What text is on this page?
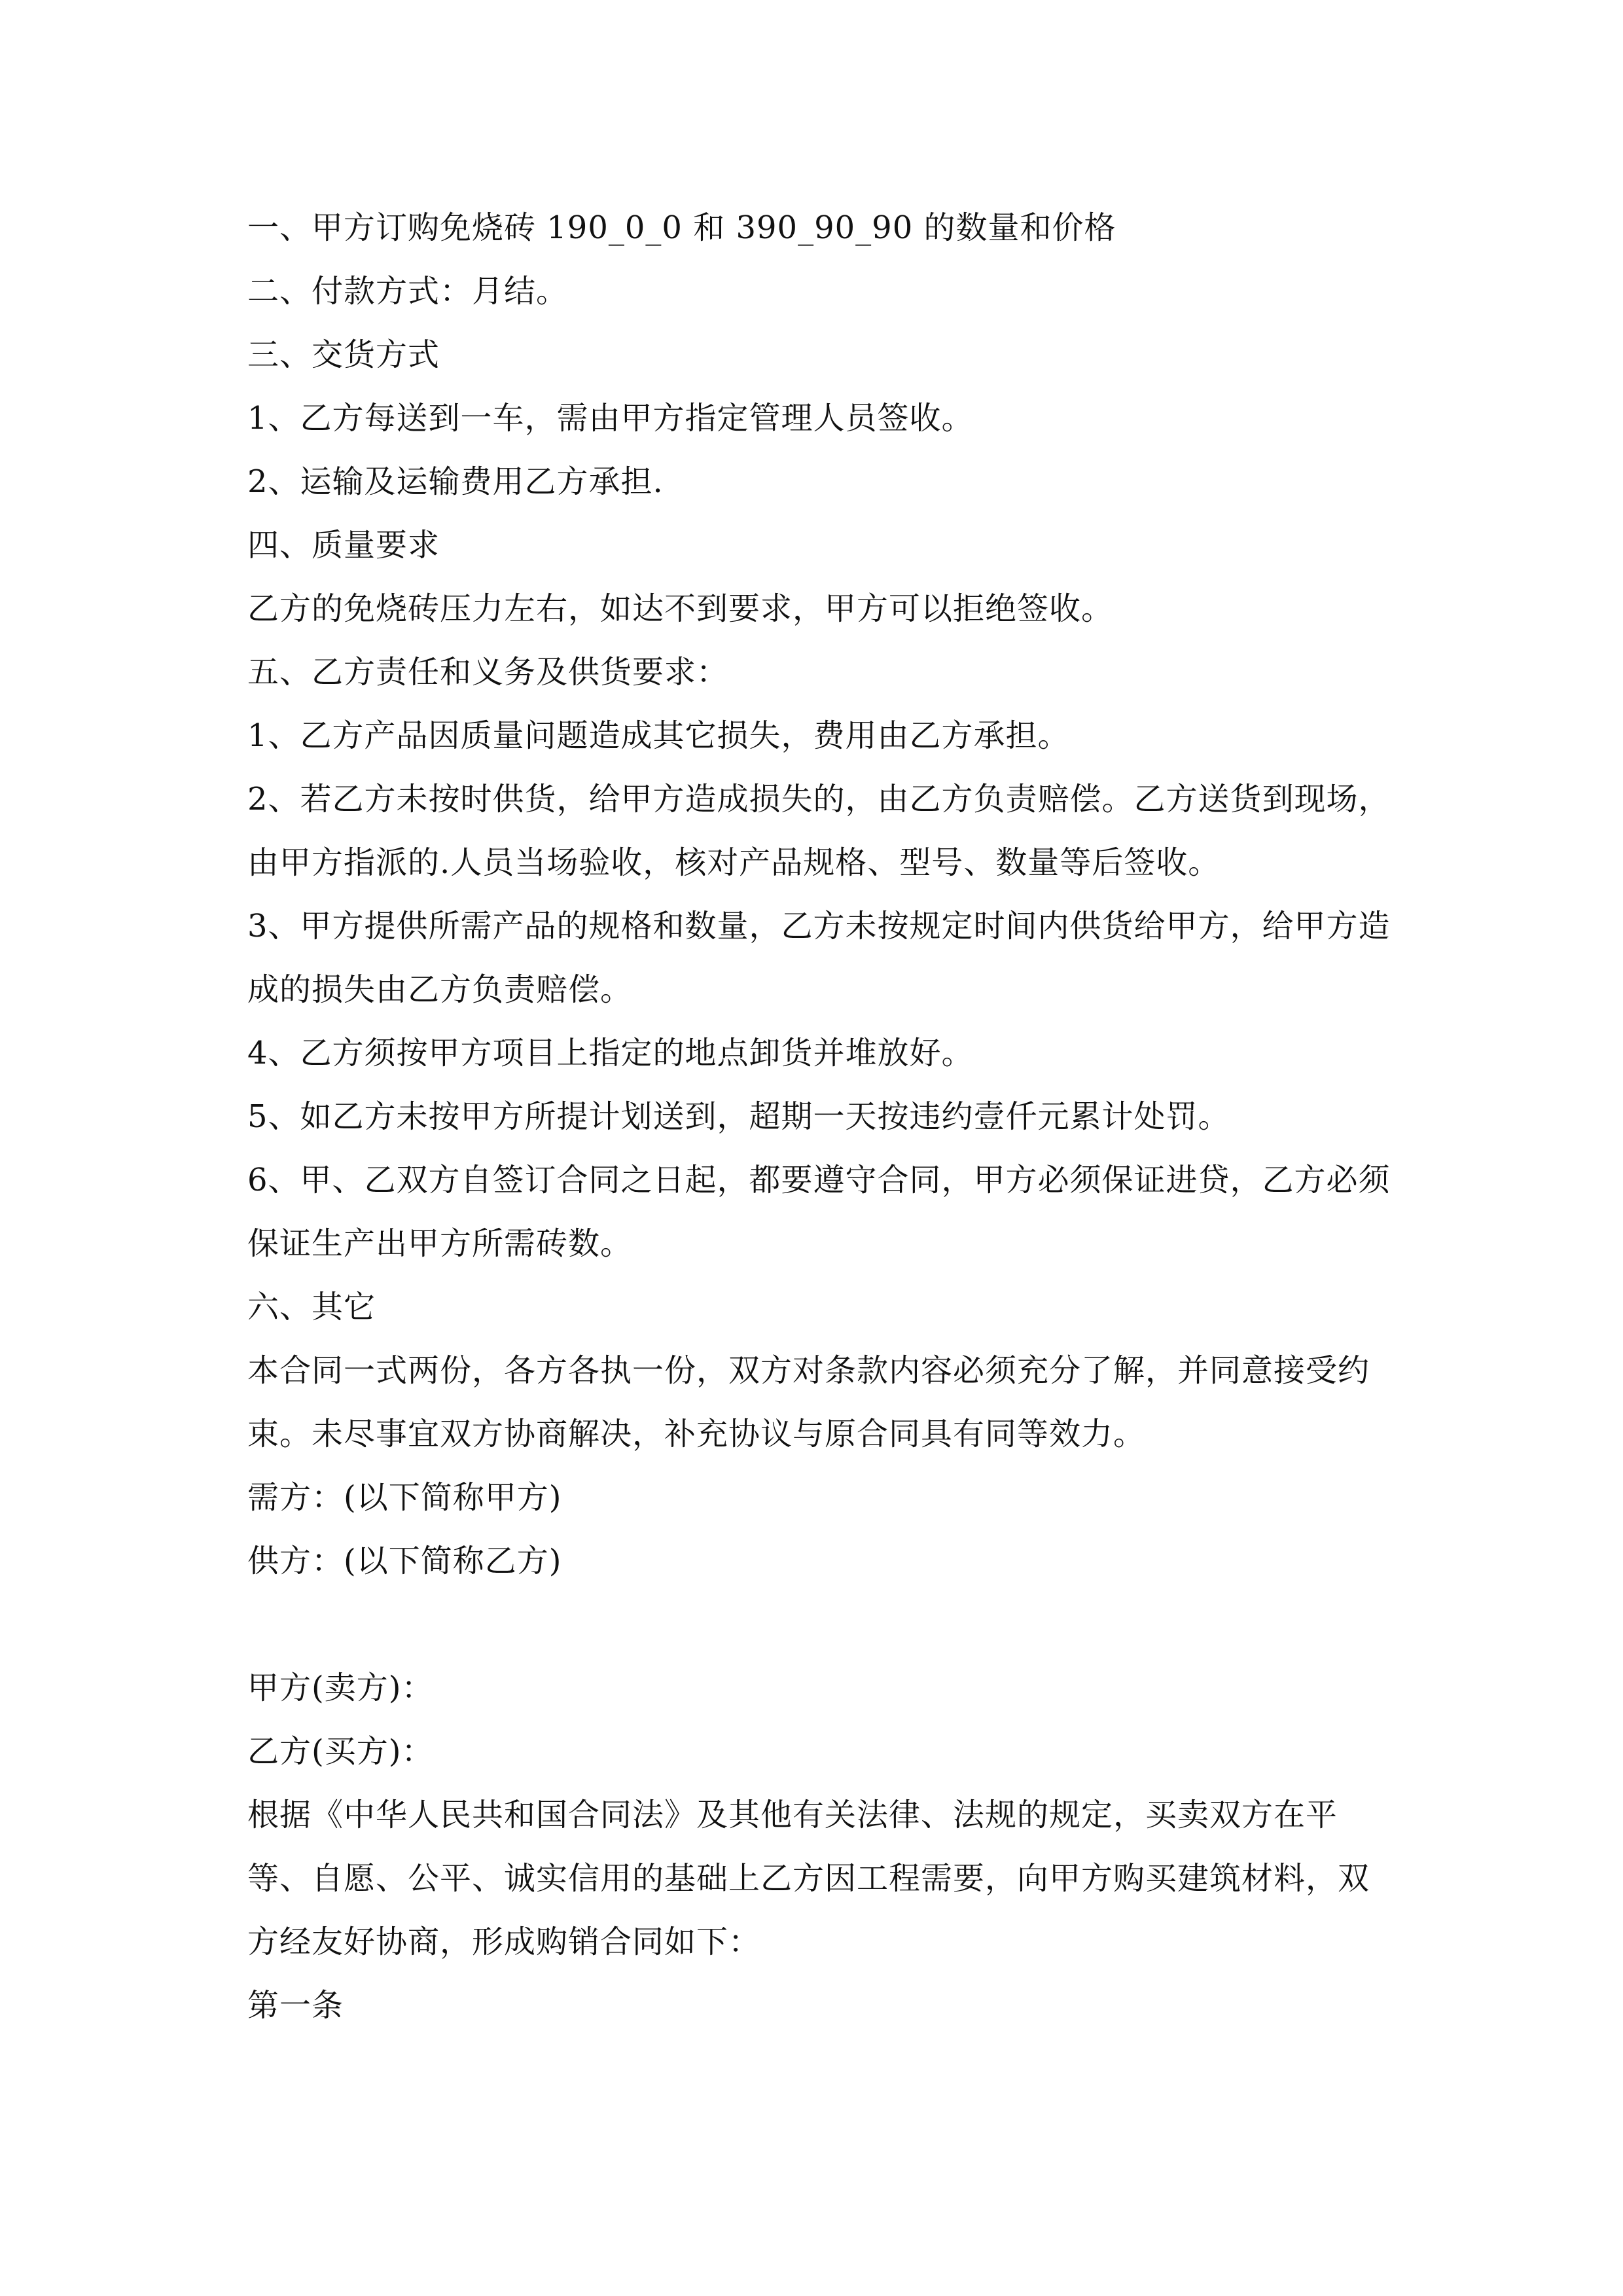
一、甲方订购免烧砖 190_0_0 和 390_90_90 的数量和价格

二、付款方式：月结。

三、交货方式

1、乙方每送到一车，需由甲方指定管理人员签收。

2、运输及运输费用乙方承担.

四、质量要求

乙方的免烧砖压力左右，如达不到要求，甲方可以拒绝签收。

五、乙方责任和义务及供货要求：

1、乙方产品因质量问题造成其它损失，费用由乙方承担。

2、若乙方未按时供货，给甲方造成损失的，由乙方负责赔偿。乙方送货到现场，由甲方指派的.人员当场验收，核对产品规格、型号、数量等后签收。

3、甲方提供所需产品的规格和数量，乙方未按规定时间内供货给甲方，给甲方造成的损失由乙方负责赔偿。

4、乙方须按甲方项目上指定的地点卸货并堆放好。

5、如乙方未按甲方所提计划送到，超期一天按违约壹仟元累计处罚。

6、甲、乙双方自签订合同之日起，都要遵守合同，甲方必须保证进贷，乙方必须保证生产出甲方所需砖数。

六、其它

本合同一式两份，各方各执一份，双方对条款内容必须充分了解，并同意接受约束。未尽事宜双方协商解决，补充协议与原合同具有同等效力。

需方：(以下简称甲方)

供方：(以下简称乙方)

甲方(卖方)：

乙方(买方)：

根据《中华人民共和国合同法》及其他有关法律、法规的规定，买卖双方在平等、自愿、公平、诚实信用的基础上乙方因工程需要，向甲方购买建筑材料，双方经友好协商，形成购销合同如下：

第一条
